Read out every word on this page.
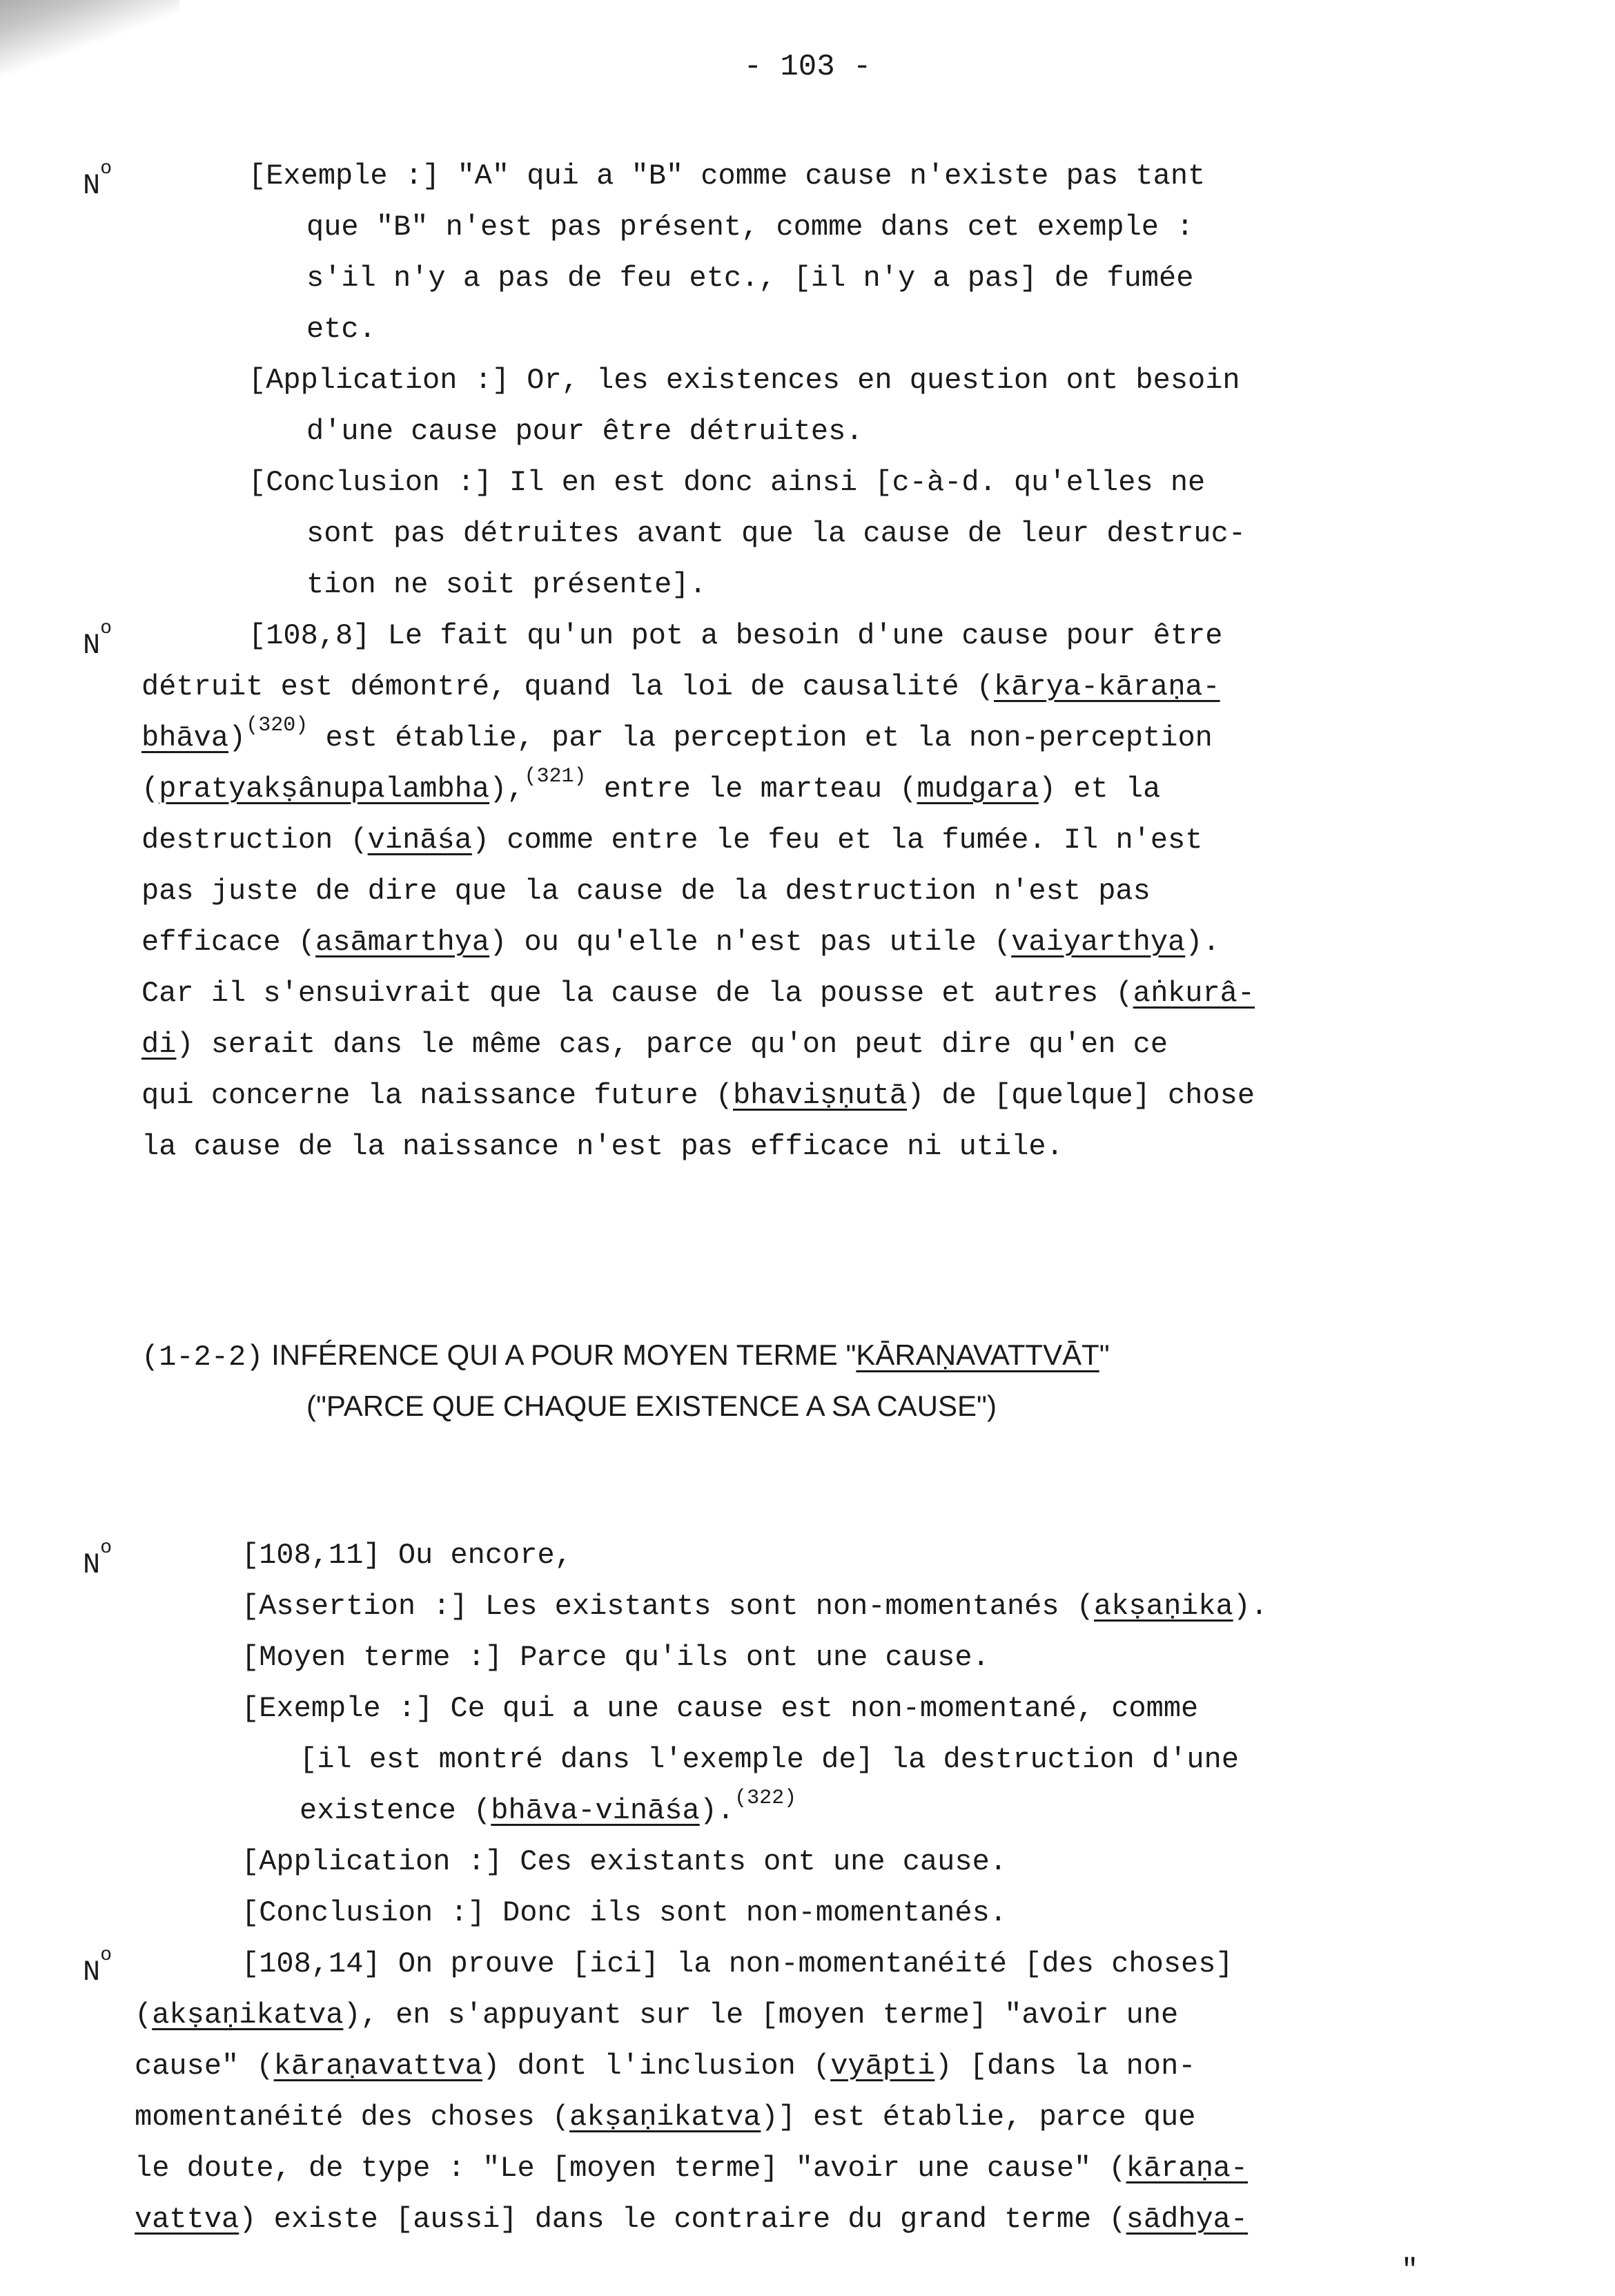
- 103 -
$N^o$
$N^o$
$N^o$
$N^o$
[Exemple :] "A" qui a "B" comme cause n'existe pas tant
que "B" n'est pas présent, comme dans cet exemple :
s'il n'y a pas de feu etc., [il n'y a pas] de fumée
etc.
[Application :] Or, les existences en question ont besoin
d'une cause pour être détruites.
[Conclusion :] Il en est donc ainsi [c-à-d. qu'elles ne
sont pas détruites avant que la cause de leur destruc-
tion ne soit présente].
[108,8] Le fait qu'un pot a besoin d'une cause pour être
détruit est démontré, quand la loi de causalité (kārya-kāraṇa-
bhāva)$^{(320)}$ est établie, par la perception et la non-perception
(pratyakṣânupalambha),$^{(321)}$ entre le marteau (mudgara) et la
destruction (vināśa) comme entre le feu et la fumée. Il n'est
pas juste de dire que la cause de la destruction n'est pas
efficace (asāmarthya) ou qu'elle n'est pas utile (vaiyarthya).
Car il s'ensuivrait que la cause de la pousse et autres (aṅkurâ-
di) serait dans le même cas, parce qu'on peut dire qu'en ce
qui concerne la naissance future (bhaviṣṇutā) de [quelque] chose
la cause de la naissance n'est pas efficace ni utile.
(1-2-2) INFÉRENCE QUI A POUR MOYEN TERME "KĀRAṆAVATTVĀT"
("PARCE QUE CHAQUE EXISTENCE A SA CAUSE")
[108,11] Ou encore,
[Assertion :] Les existants sont non-momentanés (akṣaṇika).
[Moyen terme :] Parce qu'ils ont une cause.
[Exemple :] Ce qui a une cause est non-momentané, comme
[il est montré dans l'exemple de] la destruction d'une
existence (bhāva-vināśa).$^{(322)}$
[Application :] Ces existants ont une cause.
[Conclusion :] Donc ils sont non-momentanés.
[108,14] On prouve [ici] la non-momentanéité [des choses]
(akṣaṇikatva), en s'appuyant sur le [moyen terme] "avoir une
cause" (kāraṇavattva) dont l'inclusion (vyāpti) [dans la non-
momentanéité des choses (akṣaṇikatva)] est établie, parce que
le doute, de type : "Le [moyen terme] "avoir une cause" (kāraṇa-
vattva) existe [aussi] dans le contraire du grand terme (sādhya-
"
